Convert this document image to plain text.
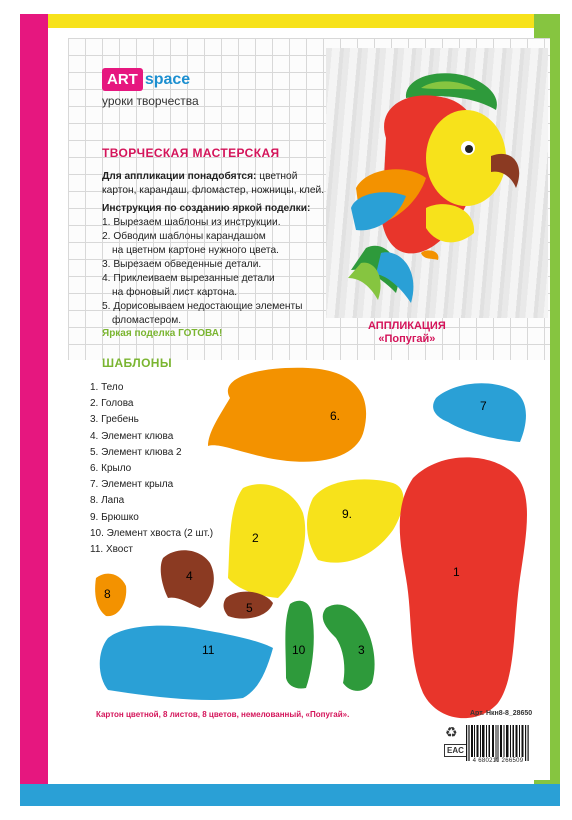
ART space
уроки творчества
ТВОРЧЕСКАЯ МАСТЕРСКАЯ
Для аппликации понадобятся: цветной картон, карандаш, фломастер, ножницы, клей.
Инструкция по созданию яркой поделки:
1. Вырезаем шаблоны из инструкции.
2. Обводим шаблоны карандашом
на цветном картоне нужного цвета.
3. Вырезаем обведенные детали.
4. Приклеиваем вырезанные детали
на фоновый лист картона.
5. Дорисовываем недостающие элементы
фломастером.
Яркая поделка ГОТОВА!
АППЛИКАЦИЯ
«Попугай»
ШАБЛОНЫ
1. Тело
2. Голова
3. Гребень
4. Элемент клюва
5. Элемент клюва 2
6. Крыло
7. Элемент крыла
8. Лапа
9. Брюшко
10. Элемент хвоста (2 шт.)
11. Хвост
6.
7
9.
2
1
4
5
8
10	3
11
Картон цветной, 8 листов, 8 цветов, немелованный, «Попугай».	Арт. Нкн8-8_28650
♻
EAC
4 680211 266509
